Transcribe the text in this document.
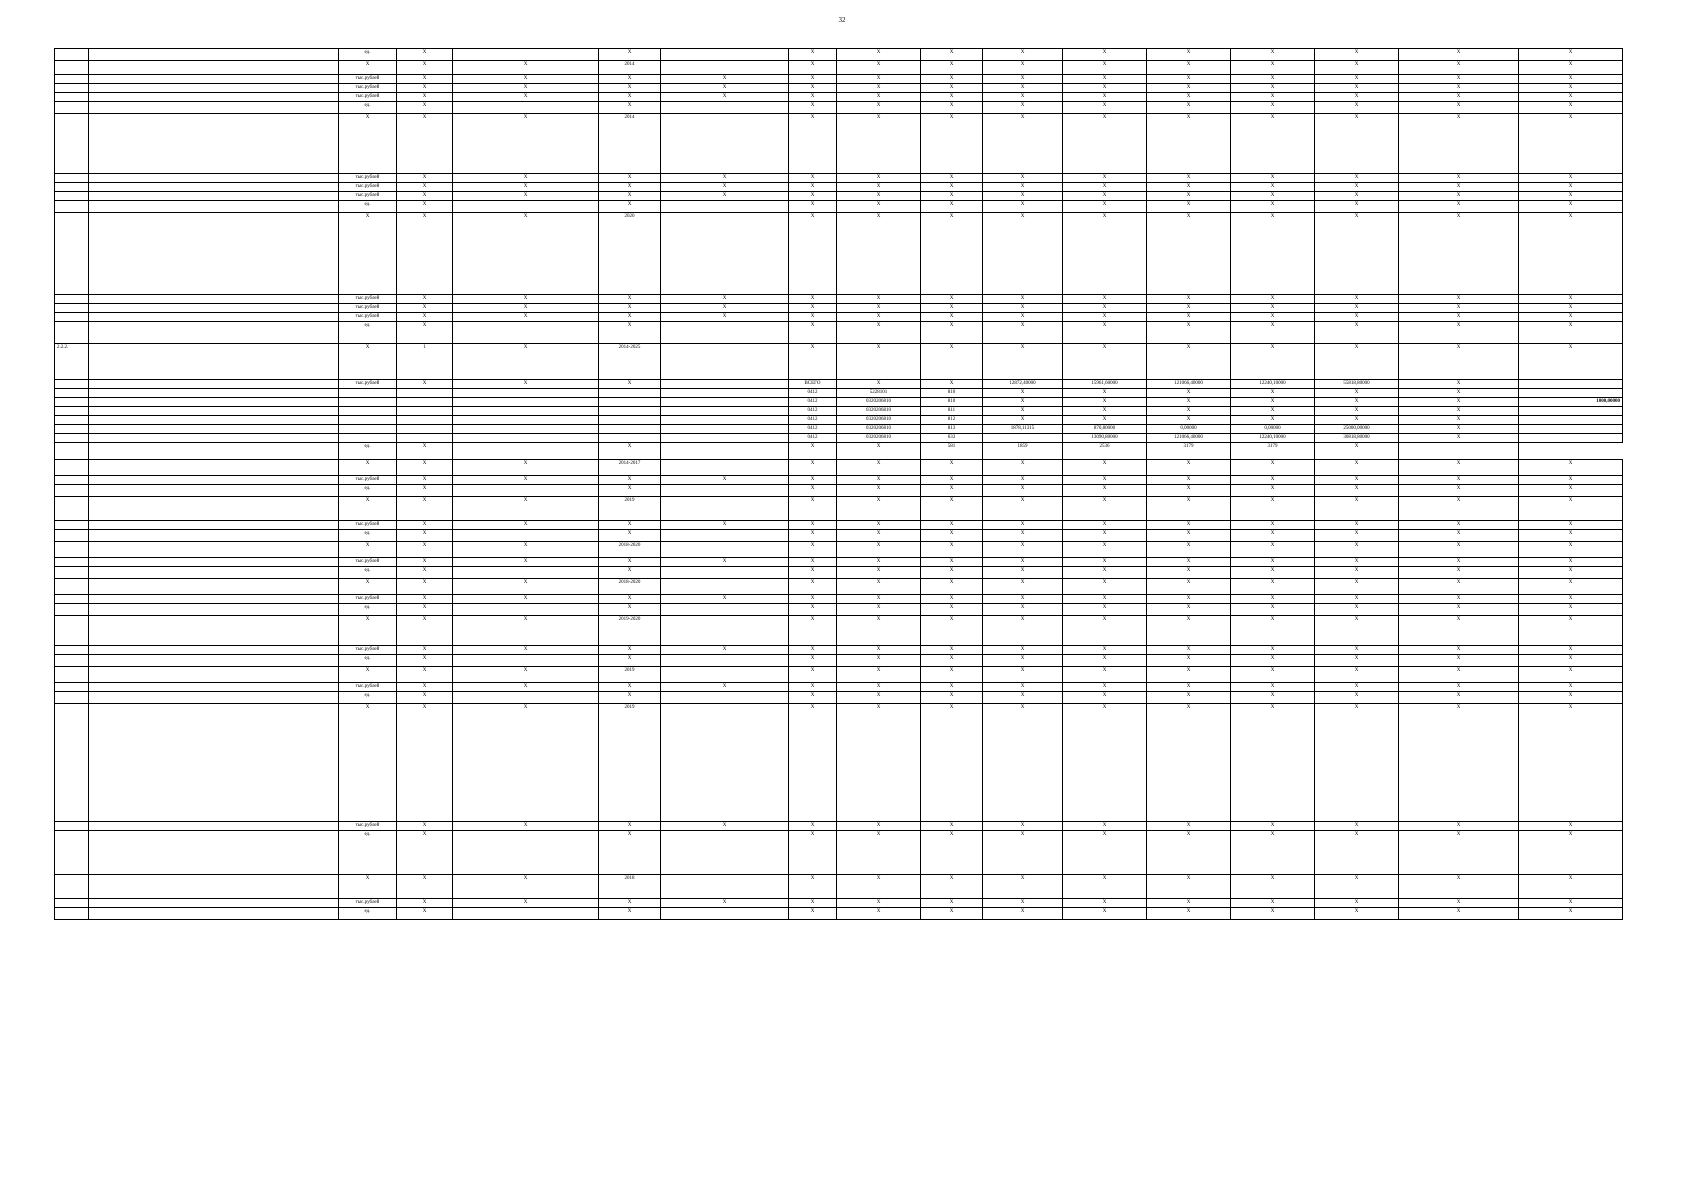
32
		ед.	Х		Х		Х	Х	Х	Х	Х	Х	Х	Х	Х	Х	
		Х	Х	Х	2014		Х	Х	Х	Х	Х	Х	Х	Х	Х	Х	
		тыс.рублей	Х	Х	Х	Х	Х	Х	Х	Х	Х	Х	Х	Х	Х	Х	
		тыс.рублей	Х	Х	Х	Х	Х	Х	Х	Х	Х	Х	Х	Х	Х	Х	
		тыс.рублей	Х	Х	Х	Х	Х	Х	Х	Х	Х	Х	Х	Х	Х	Х	
		ед.	Х		Х		Х	Х	Х	Х	Х	Х	Х	Х	Х	Х	
		Х	Х	Х	2014		Х	Х	Х	Х	Х	Х	Х	Х	Х	Х	
		тыс.рублей	Х	Х	Х	Х	Х	Х	Х	Х	Х	Х	Х	Х	Х	Х	
		тыс.рублей	Х	Х	Х	Х	Х	Х	Х	Х	Х	Х	Х	Х	Х	Х	
		тыс.рублей	Х	Х	Х	Х	Х	Х	Х	Х	Х	Х	Х	Х	Х	Х	
		ед.	Х		Х		Х	Х	Х	Х	Х	Х	Х	Х	Х	Х	
		Х	Х	Х	2020		Х	Х	Х	Х	Х	Х	Х	Х	Х	Х	
		тыс.рублей	Х	Х	Х	Х	Х	Х	Х	Х	Х	Х	Х	Х	Х	Х	
		тыс.рублей	Х	Х	Х	Х	Х	Х	Х	Х	Х	Х	Х	Х	Х	Х	
		тыс.рублей	Х	Х	Х	Х	Х	Х	Х	Х	Х	Х	Х	Х	Х	Х	
		ед.	Х		Х		Х	Х	Х	Х	Х	Х	Х	Х	Х	Х	
2.2.2.		Х	1	Х	2014-2025		Х	Х	Х	Х	Х	Х	Х	Х	Х	Х	
		тыс.рублей	Х	Х	Х		ВСЕГО	Х	Х	12872,40000	15961,60000	121066,40000	12240,10000	55818,80000	Х		
							0412	5228101	810	Х	Х	Х	Х	Х	Х		
							0412	0320206810	810	Х	Х	Х	Х	Х	Х	1000,00000	
							0412	0320206810	811	Х	Х	Х	Х	Х	Х		
							0412	0320206810	812	Х	Х	Х	Х	Х	Х		
							0412	0320206810	813	1878,11315	870,80000	0,00000	0,00000	25000,00000	Х		
							0412	0320206810	633		13090,80000	121066,40000	12240,10000	30818,80000	Х		
		ед.	Х		Х		Х	Х	581	1859	2536	3179	3179	Х			
		Х	Х	Х	2014-2017		Х	Х	Х	Х	Х	Х	Х	Х	Х	Х	
		тыс.рублей	Х	Х	Х	Х	Х	Х	Х	Х	Х	Х	Х	Х	Х	Х	
		ед.	Х		Х		Х	Х	Х	Х	Х	Х	Х	Х	Х	Х	
		Х	Х	Х	2019		Х	Х	Х	Х	Х	Х	Х	Х	Х	Х	
		тыс.рублей	Х	Х	Х	Х	Х	Х	Х	Х	Х	Х	Х	Х	Х	Х	
		ед.	Х		Х		Х	Х	Х	Х	Х	Х	Х	Х	Х	Х	
		Х	Х	Х	2018-2020		Х	Х	Х	Х	Х	Х	Х	Х	Х	Х	
		тыс.рублей	Х	Х	Х	Х	Х	Х	Х	Х	Х	Х	Х	Х	Х	Х	
		ед.	Х		Х		Х	Х	Х	Х	Х	Х	Х	Х	Х	Х	
		Х	Х	Х	2018-2020		Х	Х	Х	Х	Х	Х	Х	Х	Х	Х	
		тыс.рублей	Х	Х	Х	Х	Х	Х	Х	Х	Х	Х	Х	Х	Х	Х	
		ед.	Х		Х		Х	Х	Х	Х	Х	Х	Х	Х	Х	Х	
		Х	Х	Х	2019-2020		Х	Х	Х	Х	Х	Х	Х	Х	Х	Х	
		тыс.рублей	Х	Х	Х	Х	Х	Х	Х	Х	Х	Х	Х	Х	Х	Х	
		ед.	Х		Х		Х	Х	Х	Х	Х	Х	Х	Х	Х	Х	
		Х	Х	Х	2019		Х	Х	Х	Х	Х	Х	Х	Х	Х	Х	
		тыс.рублей	Х	Х	Х	Х	Х	Х	Х	Х	Х	Х	Х	Х	Х	Х	
		ед.	Х		Х		Х	Х	Х	Х	Х	Х	Х	Х	Х	Х	
		Х	Х	Х	2019		Х	Х	Х	Х	Х	Х	Х	Х	Х	Х	
		тыс.рублей	Х	Х	Х	Х	Х	Х	Х	Х	Х	Х	Х	Х	Х	Х	
		ед.	Х		Х		Х	Х	Х	Х	Х	Х	Х	Х	Х	Х	
		Х	Х	Х	2018		Х	Х	Х	Х	Х	Х	Х	Х	Х	Х	
		тыс.рублей	Х	Х	Х	Х	Х	Х	Х	Х	Х	Х	Х	Х	Х	Х	
		ед.	Х		Х		Х	Х	Х	Х	Х	Х	Х	Х	Х	Х	
